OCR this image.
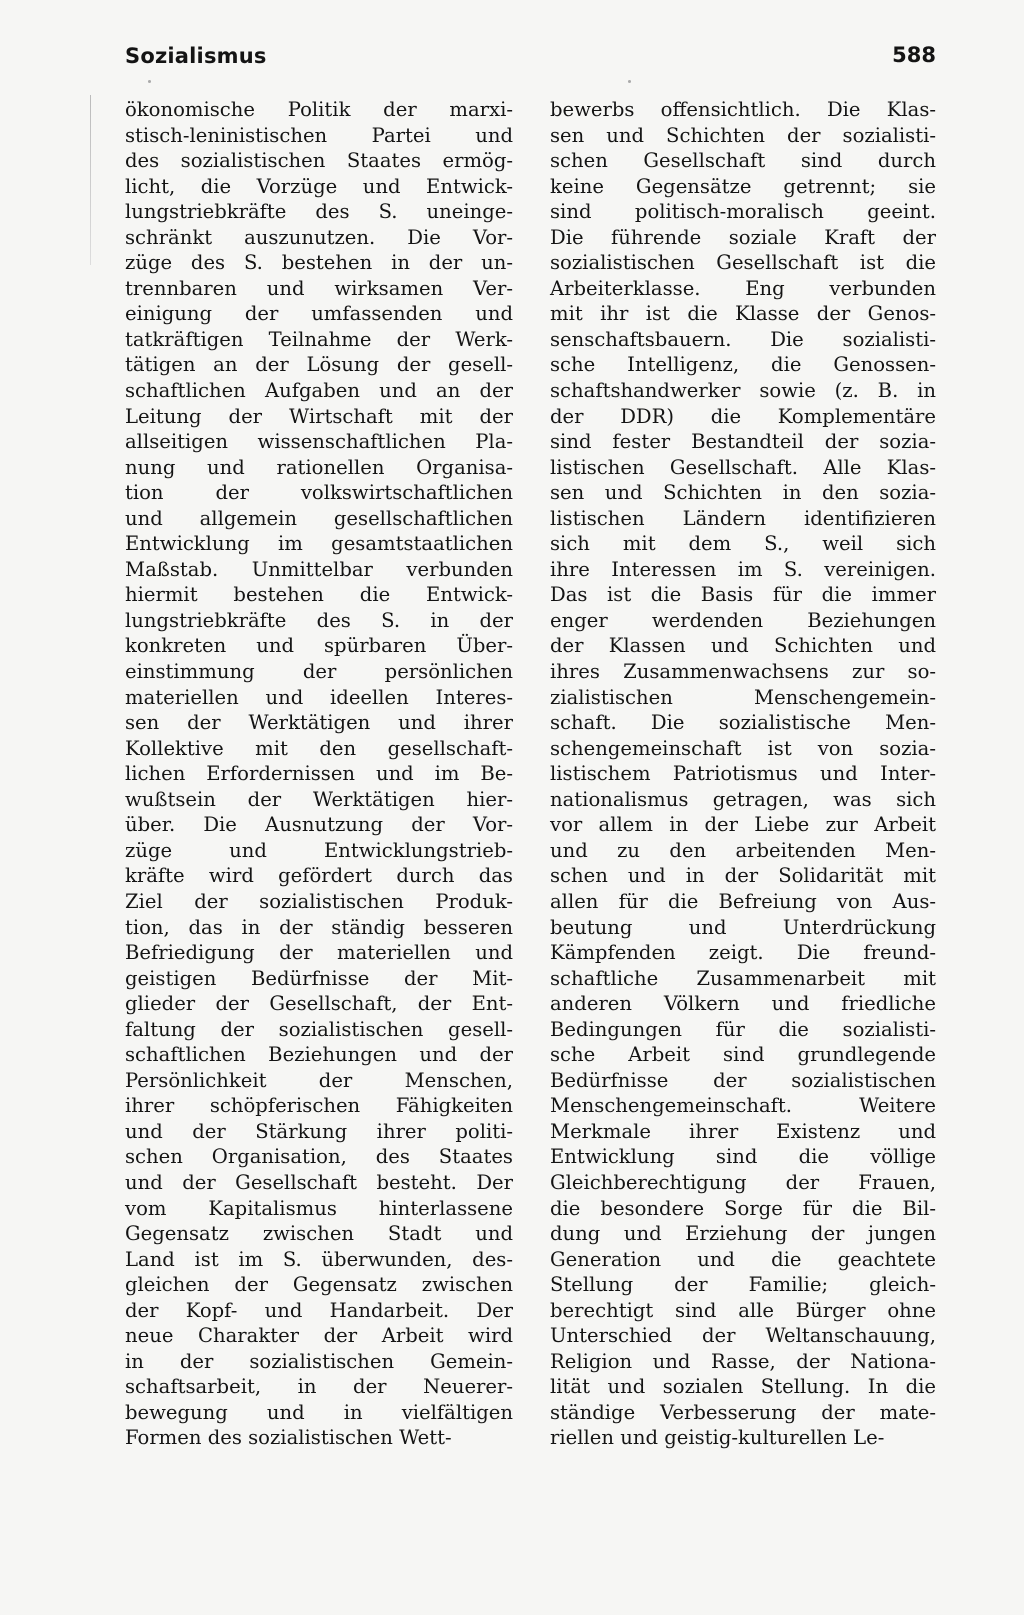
Sozialismus	588
ökonomische Politik der marxi-
stisch-leninistischen Partei und
des sozialistischen Staates ermög-
licht, die Vorzüge und Entwick-
lungstriebkräfte des S. uneinge-
schränkt auszunutzen. Die Vor-
züge des S. bestehen in der un-
trennbaren und wirksamen Ver-
einigung der umfassenden und
tatkräftigen Teilnahme der Werk-
tätigen an der Lösung der gesell-
schaftlichen Aufgaben und an der
Leitung der Wirtschaft mit der
allseitigen wissenschaftlichen Pla-
nung und rationellen Organisa-
tion der volkswirtschaftlichen
und allgemein gesellschaftlichen
Entwicklung im gesamtstaatlichen
Maßstab. Unmittelbar verbunden
hiermit bestehen die Entwick-
lungstriebkräfte des S. in der
konkreten und spürbaren Über-
einstimmung der persönlichen
materiellen und ideellen Interes-
sen der Werktätigen und ihrer
Kollektive mit den gesellschaft-
lichen Erfordernissen und im Be-
wußtsein der Werktätigen hier-
über. Die Ausnutzung der Vor-
züge und Entwicklungstrieb-
kräfte wird gefördert durch das
Ziel der sozialistischen Produk-
tion, das in der ständig besseren
Befriedigung der materiellen und
geistigen Bedürfnisse der Mit-
glieder der Gesellschaft, der Ent-
faltung der sozialistischen gesell-
schaftlichen Beziehungen und der
Persönlichkeit der Menschen,
ihrer schöpferischen Fähigkeiten
und der Stärkung ihrer politi-
schen Organisation, des Staates
und der Gesellschaft besteht. Der
vom Kapitalismus hinterlassene
Gegensatz zwischen Stadt und
Land ist im S. überwunden, des-
gleichen der Gegensatz zwischen
der Kopf- und Handarbeit. Der
neue Charakter der Arbeit wird
in der sozialistischen Gemein-
schaftsarbeit, in der Neuerer-
bewegung und in vielfältigen
Formen des sozialistischen Wett-
bewerbs offensichtlich. Die Klas-
sen und Schichten der sozialisti-
schen Gesellschaft sind durch
keine Gegensätze getrennt; sie
sind politisch-moralisch geeint.
Die führende soziale Kraft der
sozialistischen Gesellschaft ist die
Arbeiterklasse. Eng verbunden
mit ihr ist die Klasse der Genos-
senschaftsbauern. Die sozialisti-
sche Intelligenz, die Genossen-
schaftshandwerker sowie (z. B. in
der DDR) die Komplementäre
sind fester Bestandteil der sozia-
listischen Gesellschaft. Alle Klas-
sen und Schichten in den sozia-
listischen Ländern identifizieren
sich mit dem S., weil sich
ihre Interessen im S. vereinigen.
Das ist die Basis für die immer
enger werdenden Beziehungen
der Klassen und Schichten und
ihres Zusammenwachsens zur so-
zialistischen Menschengemein-
schaft. Die sozialistische Men-
schengemeinschaft ist von sozia-
listischem Patriotismus und Inter-
nationalismus getragen, was sich
vor allem in der Liebe zur Arbeit
und zu den arbeitenden Men-
schen und in der Solidarität mit
allen für die Befreiung von Aus-
beutung und Unterdrückung
Kämpfenden zeigt. Die freund-
schaftliche Zusammenarbeit mit
anderen Völkern und friedliche
Bedingungen für die sozialisti-
sche Arbeit sind grundlegende
Bedürfnisse der sozialistischen
Menschengemeinschaft. Weitere
Merkmale ihrer Existenz und
Entwicklung sind die völlige
Gleichberechtigung der Frauen,
die besondere Sorge für die Bil-
dung und Erziehung der jungen
Generation und die geachtete
Stellung der Familie; gleich-
berechtigt sind alle Bürger ohne
Unterschied der Weltanschauung,
Religion und Rasse, der Nationa-
lität und sozialen Stellung. In die
ständige Verbesserung der mate-
riellen und geistig-kulturellen Le-
